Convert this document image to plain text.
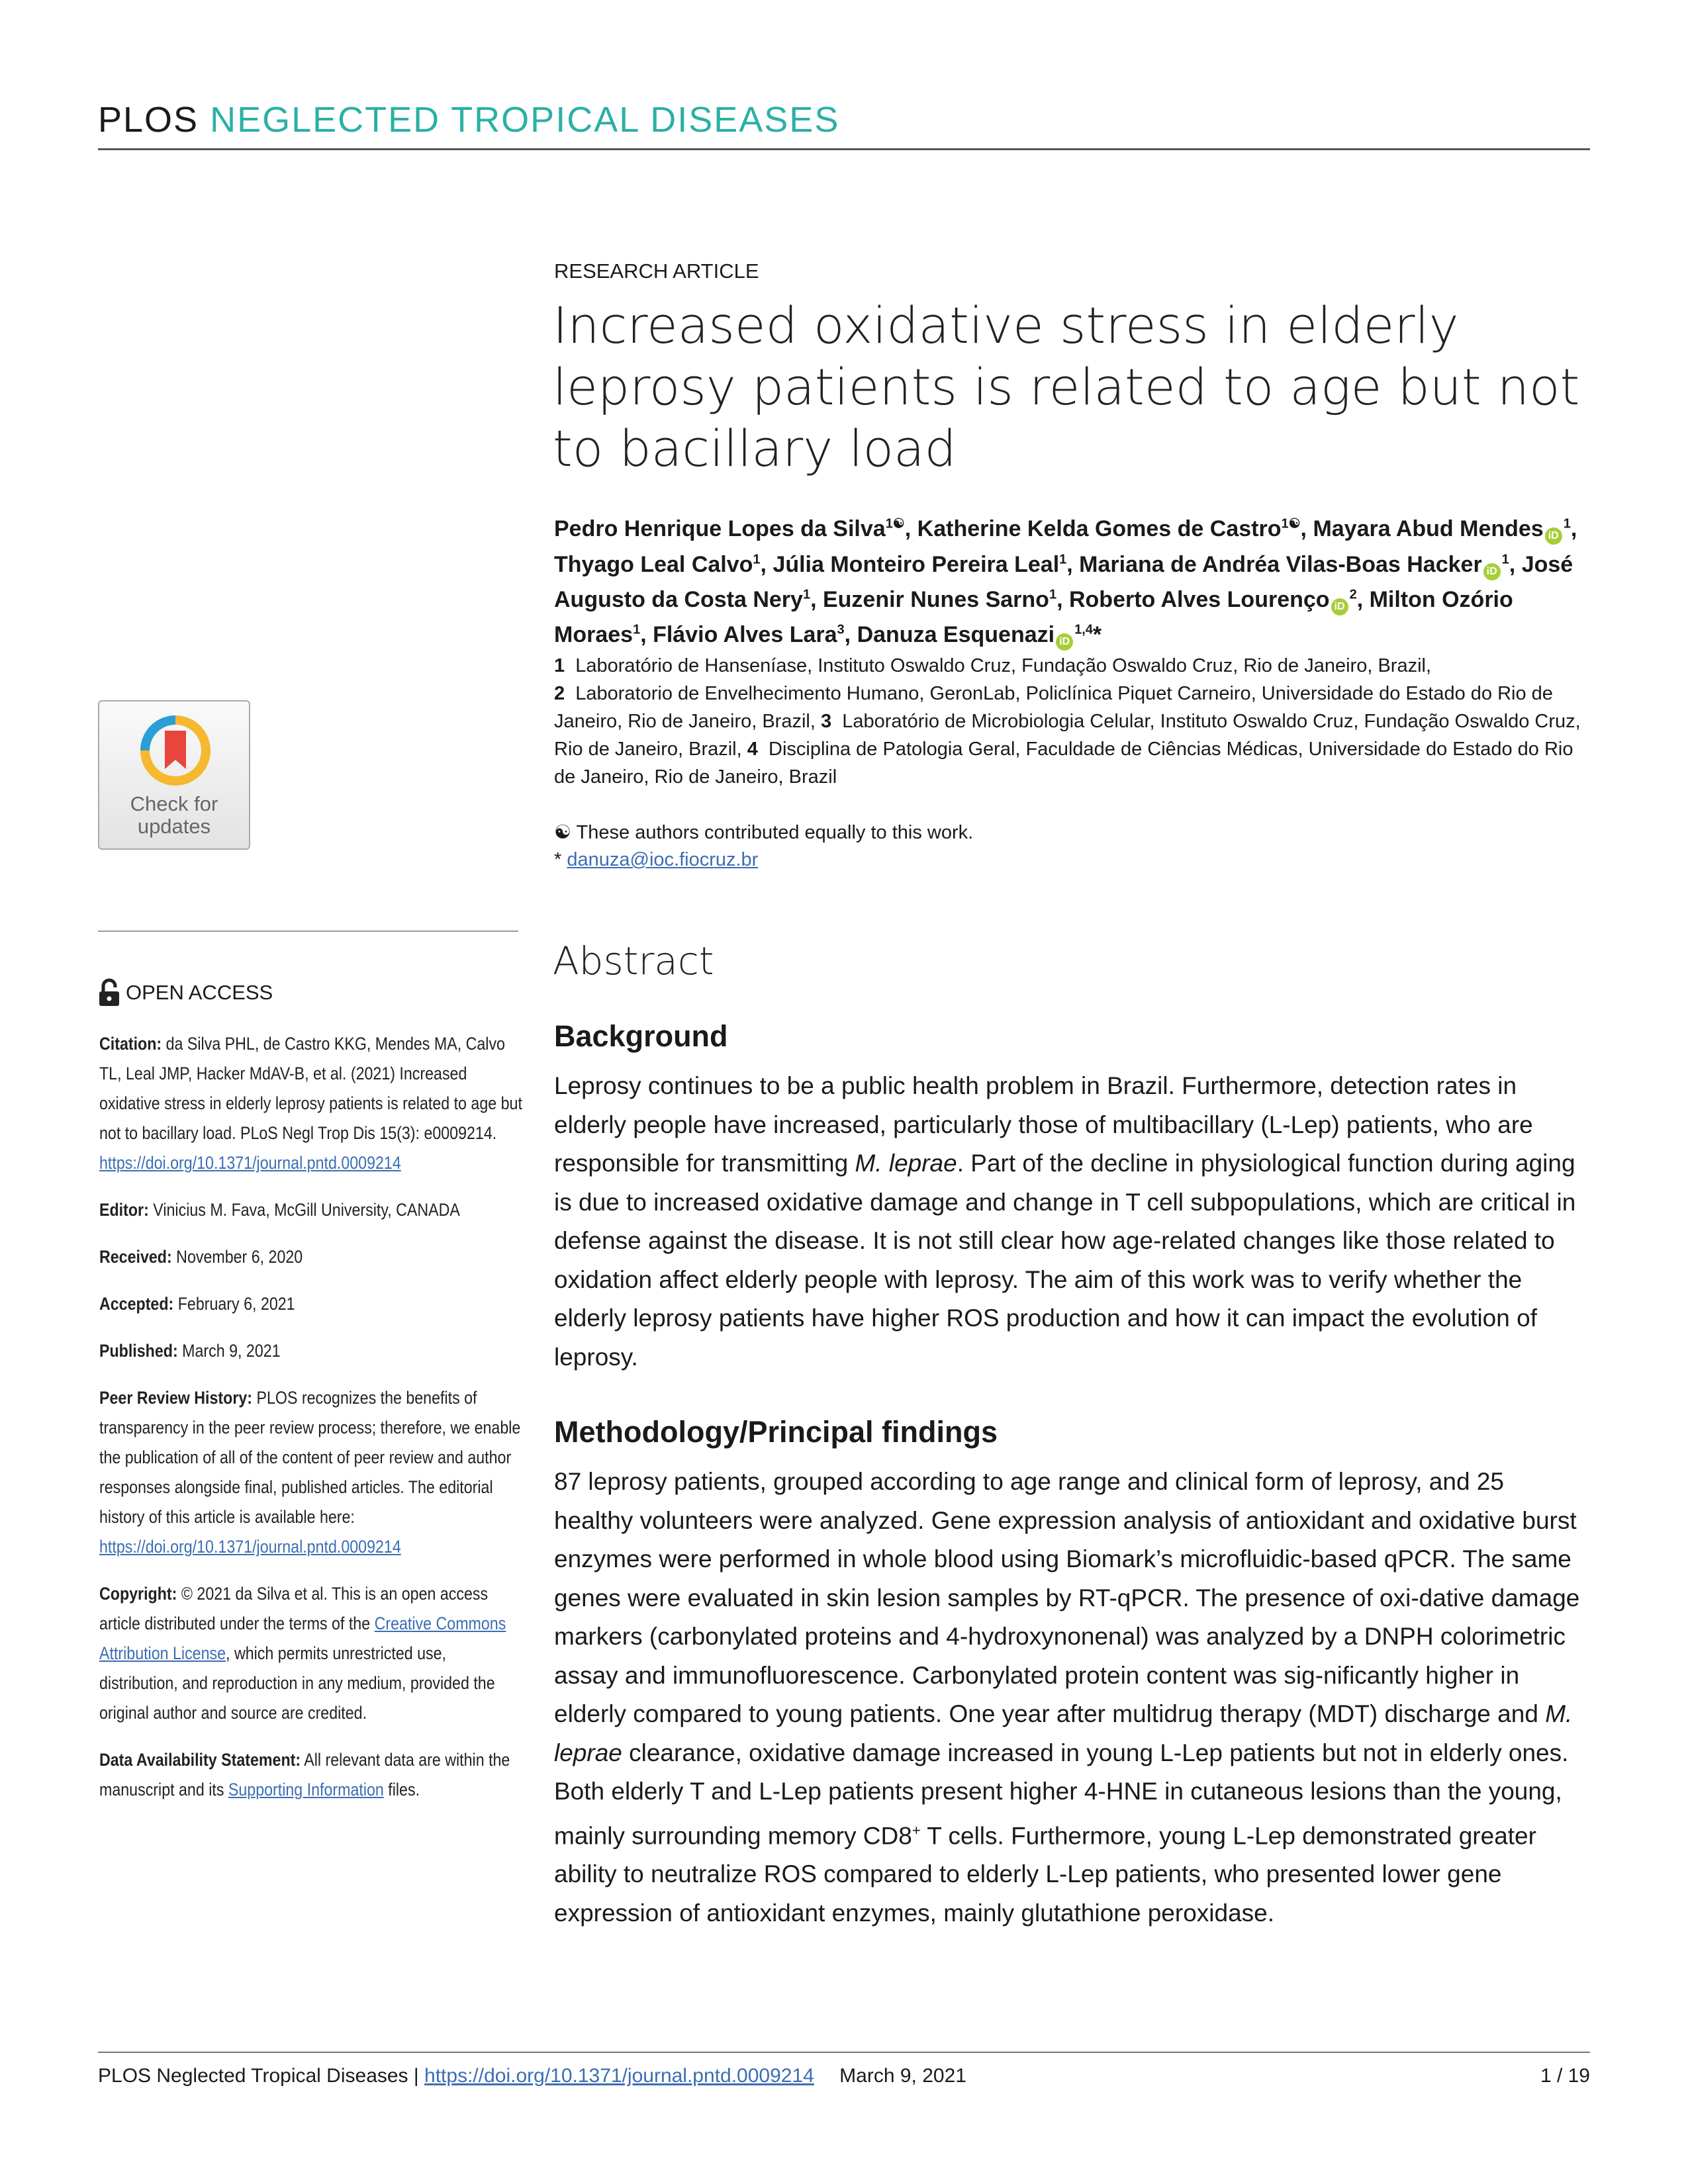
PLOS NEGLECTED TROPICAL DISEASES
RESEARCH ARTICLE
Increased oxidative stress in elderly leprosy patients is related to age but not to bacillary load
Pedro Henrique Lopes da Silva$^{1☯}$, Katherine Kelda Gomes de Castro$^{1☯}$, Mayara Abud Mendes $iD^1$, Thyago Leal Calvo$^1$, Júlia Monteiro Pereira Leal$^1$, Mariana de Andréa Vilas-Boas Hacker $iD^1$, José Augusto da Costa Nery$^1$, Euzenir Nunes Sarno$^1$, Roberto Alves Lourenço $iD^2$, Milton Ozório Moraes$^1$, Flávio Alves Lara$^3$, Danuza Esquenazi iD$^{1,4}$*
1 Laboratório de Hanseníase, Instituto Oswaldo Cruz, Fundação Oswaldo Cruz, Rio de Janeiro, Brazil,
2 Laboratorio de Envelhecimento Humano, GeronLab, Policlínica Piquet Carneiro, Universidade do Estado do Rio de Janeiro, Rio de Janeiro, Brazil, 3 Laboratório de Microbiologia Celular, Instituto Oswaldo Cruz, Fundação Oswaldo Cruz, Rio de Janeiro, Brazil, 4 Disciplina de Patologia Geral, Faculdade de Ciências Médicas, Universidade do Estado do Rio de Janeiro, Rio de Janeiro, Brazil
☯ These authors contributed equally to this work.
* danuza@ioc.fiocruz.br
Check for updates
OPEN ACCESS

Citation: da Silva PHL, de Castro KKG, Mendes MA, Calvo TL, Leal JMP, Hacker MdAV-B, et al. (2021) Increased oxidative stress in elderly leprosy patients is related to age but not to bacillary load. PLoS Negl Trop Dis 15(3): e0009214. https://doi.org/10.1371/journal.pntd.0009214

Editor: Vinicius M. Fava, McGill University, CANADA

Received: November 6, 2020

Accepted: February 6, 2021

Published: March 9, 2021

Peer Review History: PLOS recognizes the benefits of transparency in the peer review process; therefore, we enable the publication of all of the content of peer review and author responses alongside final, published articles. The editorial history of this article is available here: https://doi.org/10.1371/journal.pntd.0009214

Copyright: © 2021 da Silva et al. This is an open access article distributed under the terms of the Creative Commons Attribution License, which permits unrestricted use, distribution, and reproduction in any medium, provided the original author and source are credited.

Data Availability Statement: All relevant data are within the manuscript and its Supporting Information files.

Abstract
Background
Leprosy continues to be a public health problem in Brazil. Furthermore, detection rates in elderly people have increased, particularly those of multibacillary (L-Lep) patients, who are responsible for transmitting M. leprae. Part of the decline in physiological function during aging is due to increased oxidative damage and change in T cell subpopulations, which are critical in defense against the disease. It is not still clear how age-related changes like those related to oxidation affect elderly people with leprosy. The aim of this work was to verify whether the elderly leprosy patients have higher ROS production and how it can impact the evolution of leprosy.
Methodology/Principal findings
87 leprosy patients, grouped according to age range and clinical form of leprosy, and 25 healthy volunteers were analyzed. Gene expression analysis of antioxidant and oxidative burst enzymes were performed in whole blood using Biomark’s microfluidic-based qPCR. The same genes were evaluated in skin lesion samples by RT-qPCR. The presence of oxi-dative damage markers (carbonylated proteins and 4-hydroxynonenal) was analyzed by a DNPH colorimetric assay and immunofluorescence. Carbonylated protein content was sig-nificantly higher in elderly compared to young patients. One year after multidrug therapy (MDT) discharge and M. leprae clearance, oxidative damage increased in young L-Lep patients but not in elderly ones. Both elderly T and L-Lep patients present higher 4-HNE in cutaneous lesions than the young, mainly surrounding memory CD8+ T cells. Furthermore, young L-Lep demonstrated greater ability to neutralize ROS compared to elderly L-Lep patients, who presented lower gene expression of antioxidant enzymes, mainly glutathione peroxidase.
PLOS Neglected Tropical Diseases | https://doi.org/10.1371/journal.pntd.0009214 March 9, 2021	1 / 19
